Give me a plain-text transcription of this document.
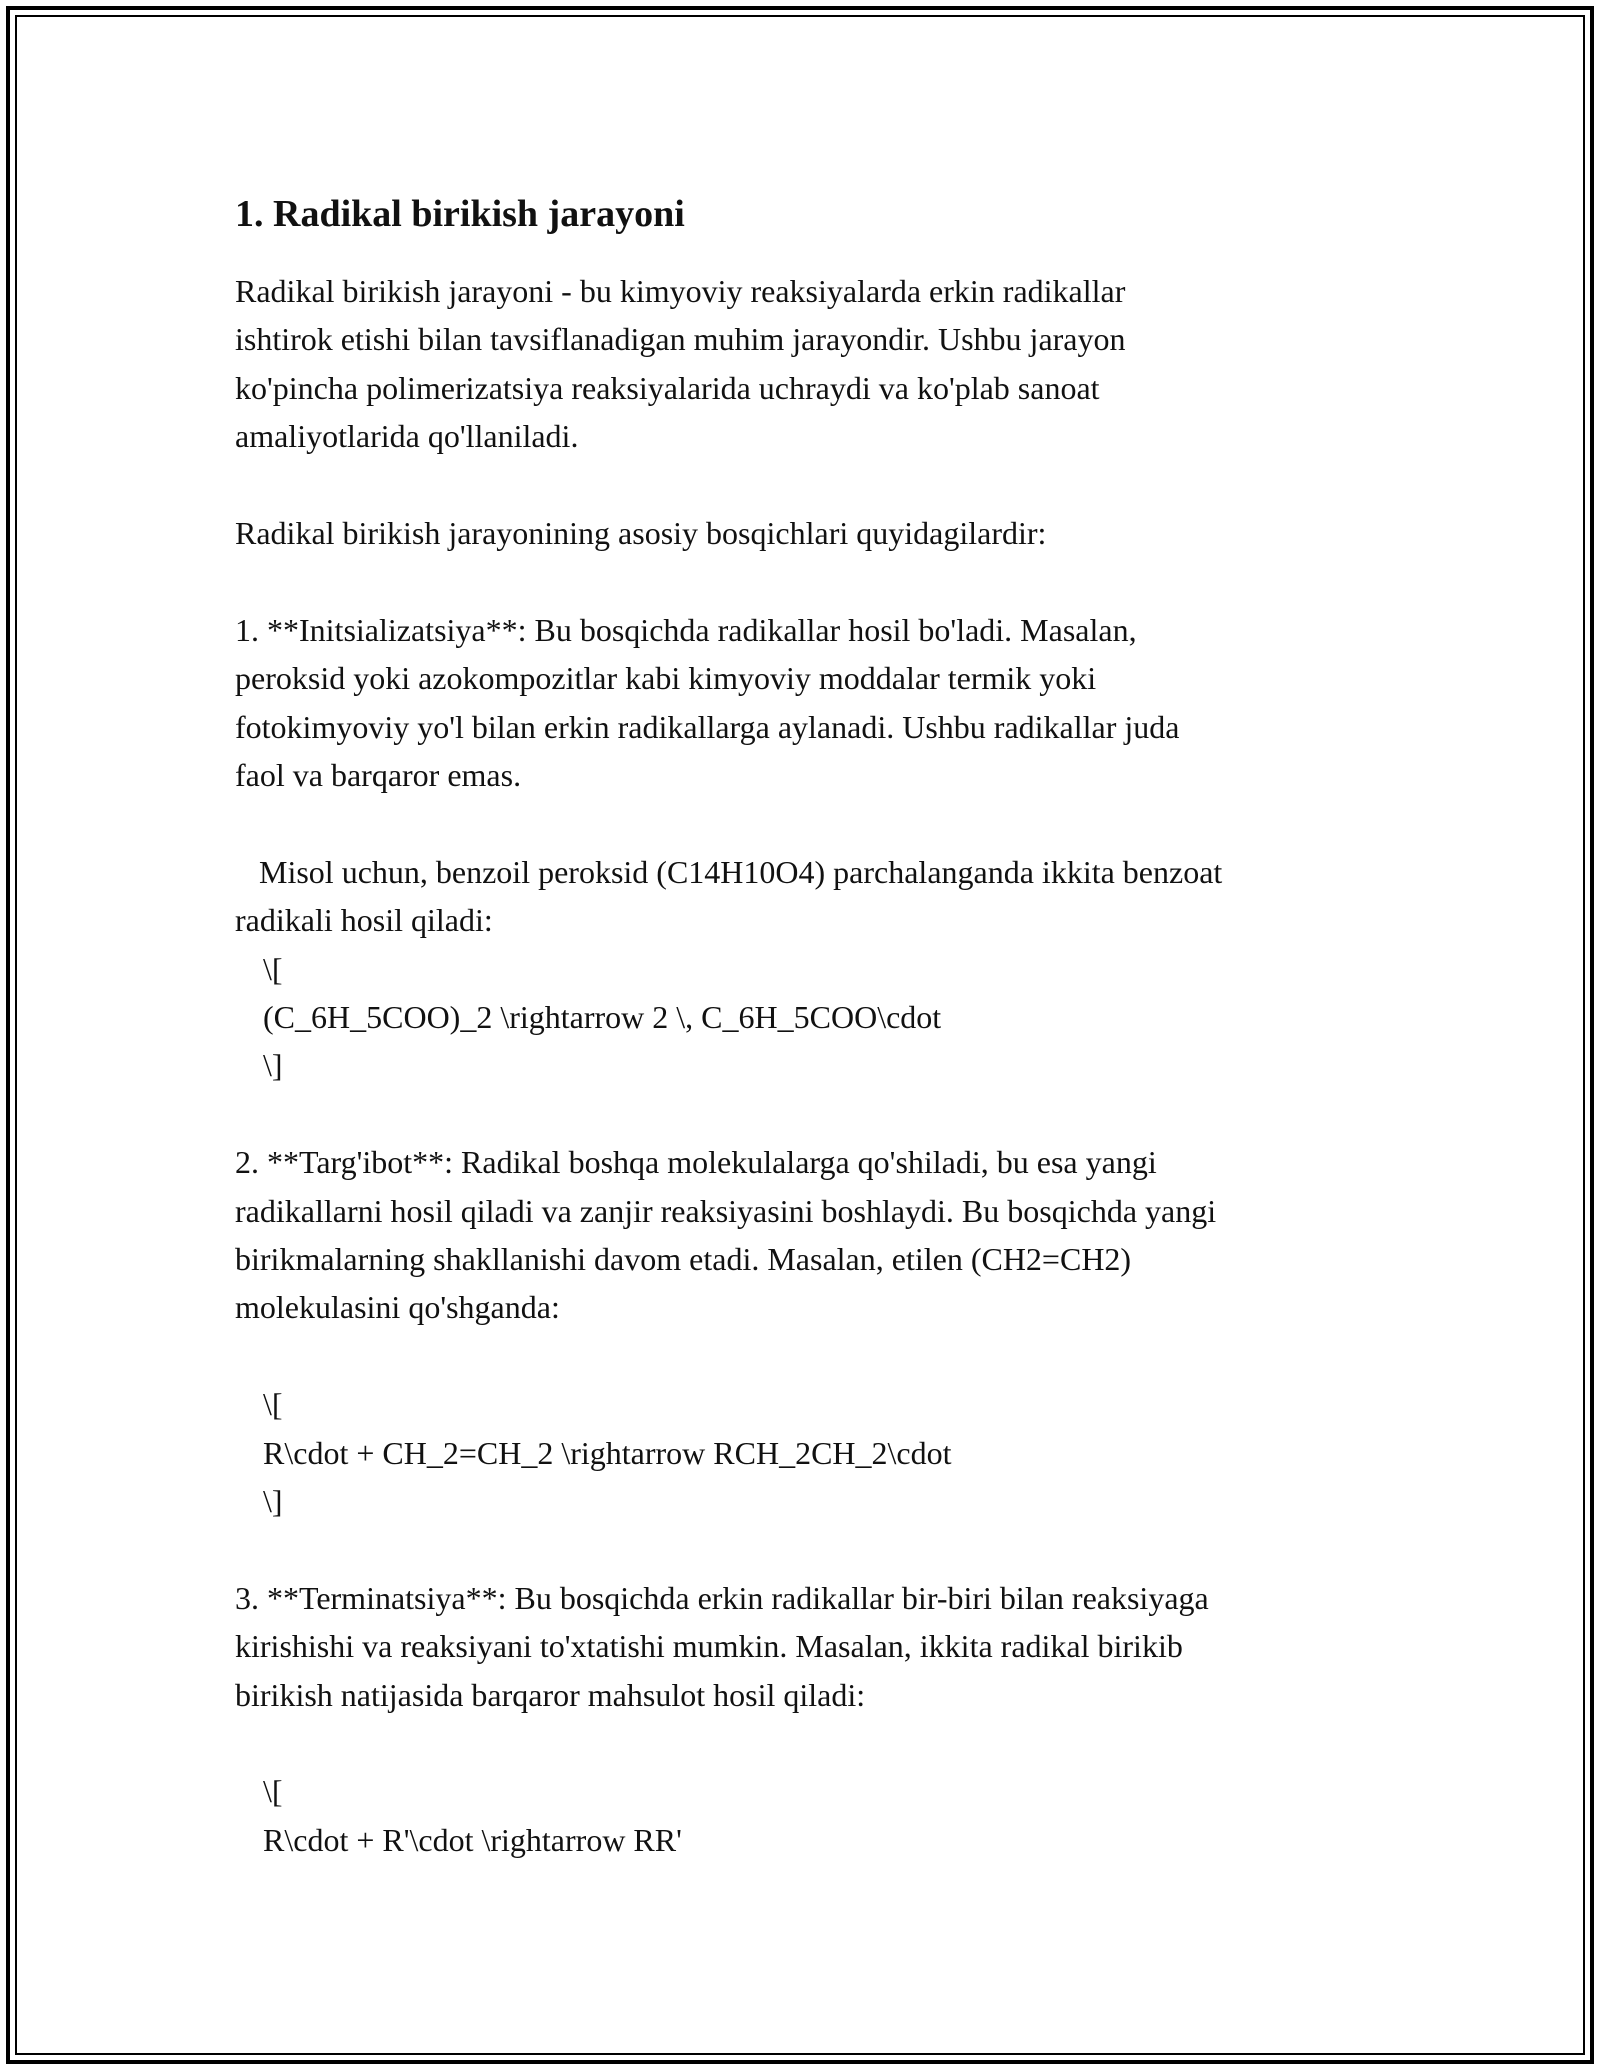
1. Radikal birikish jarayoni

Radikal birikish jarayoni - bu kimyoviy reaksiyalarda erkin radikallar
ishtirok etishi bilan tavsiflanadigan muhim jarayondir. Ushbu jarayon
ko'pincha polimerizatsiya reaksiyalarida uchraydi va ko'plab sanoat
amaliyotlarida qo'llaniladi.

Radikal birikish jarayonining asosiy bosqichlari quyidagilardir:

1. **Initsializatsiya**: Bu bosqichda radikallar hosil bo'ladi. Masalan,
peroksid yoki azokompozitlar kabi kimyoviy moddalar termik yoki
fotokimyoviy yo'l bilan erkin radikallarga aylanadi. Ushbu radikallar juda
faol va barqaror emas.

Misol uchun, benzoil peroksid (C14H10O4) parchalanganda ikkita benzoat
radikali hosil qiladi:

\[
(C_6H_5COO)_2 \rightarrow 2 \, C_6H_5COO\cdot
\]

2. **Targ'ibot**: Radikal boshqa molekulalarga qo'shiladi, bu esa yangi
radikallarni hosil qiladi va zanjir reaksiyasini boshlaydi. Bu bosqichda yangi
birikmalarning shakllanishi davom etadi. Masalan, etilen (CH2=CH2)
molekulasini qo'shganda:

\[
R\cdot + CH_2=CH_2 \rightarrow RCH_2CH_2\cdot
\]

3. **Terminatsiya**: Bu bosqichda erkin radikallar bir-biri bilan reaksiyaga
kirishishi va reaksiyani to'xtatishi mumkin. Masalan, ikkita radikal birikib
birikish natijasida barqaror mahsulot hosil qiladi:

\[
R\cdot + R'\cdot \rightarrow RR'
